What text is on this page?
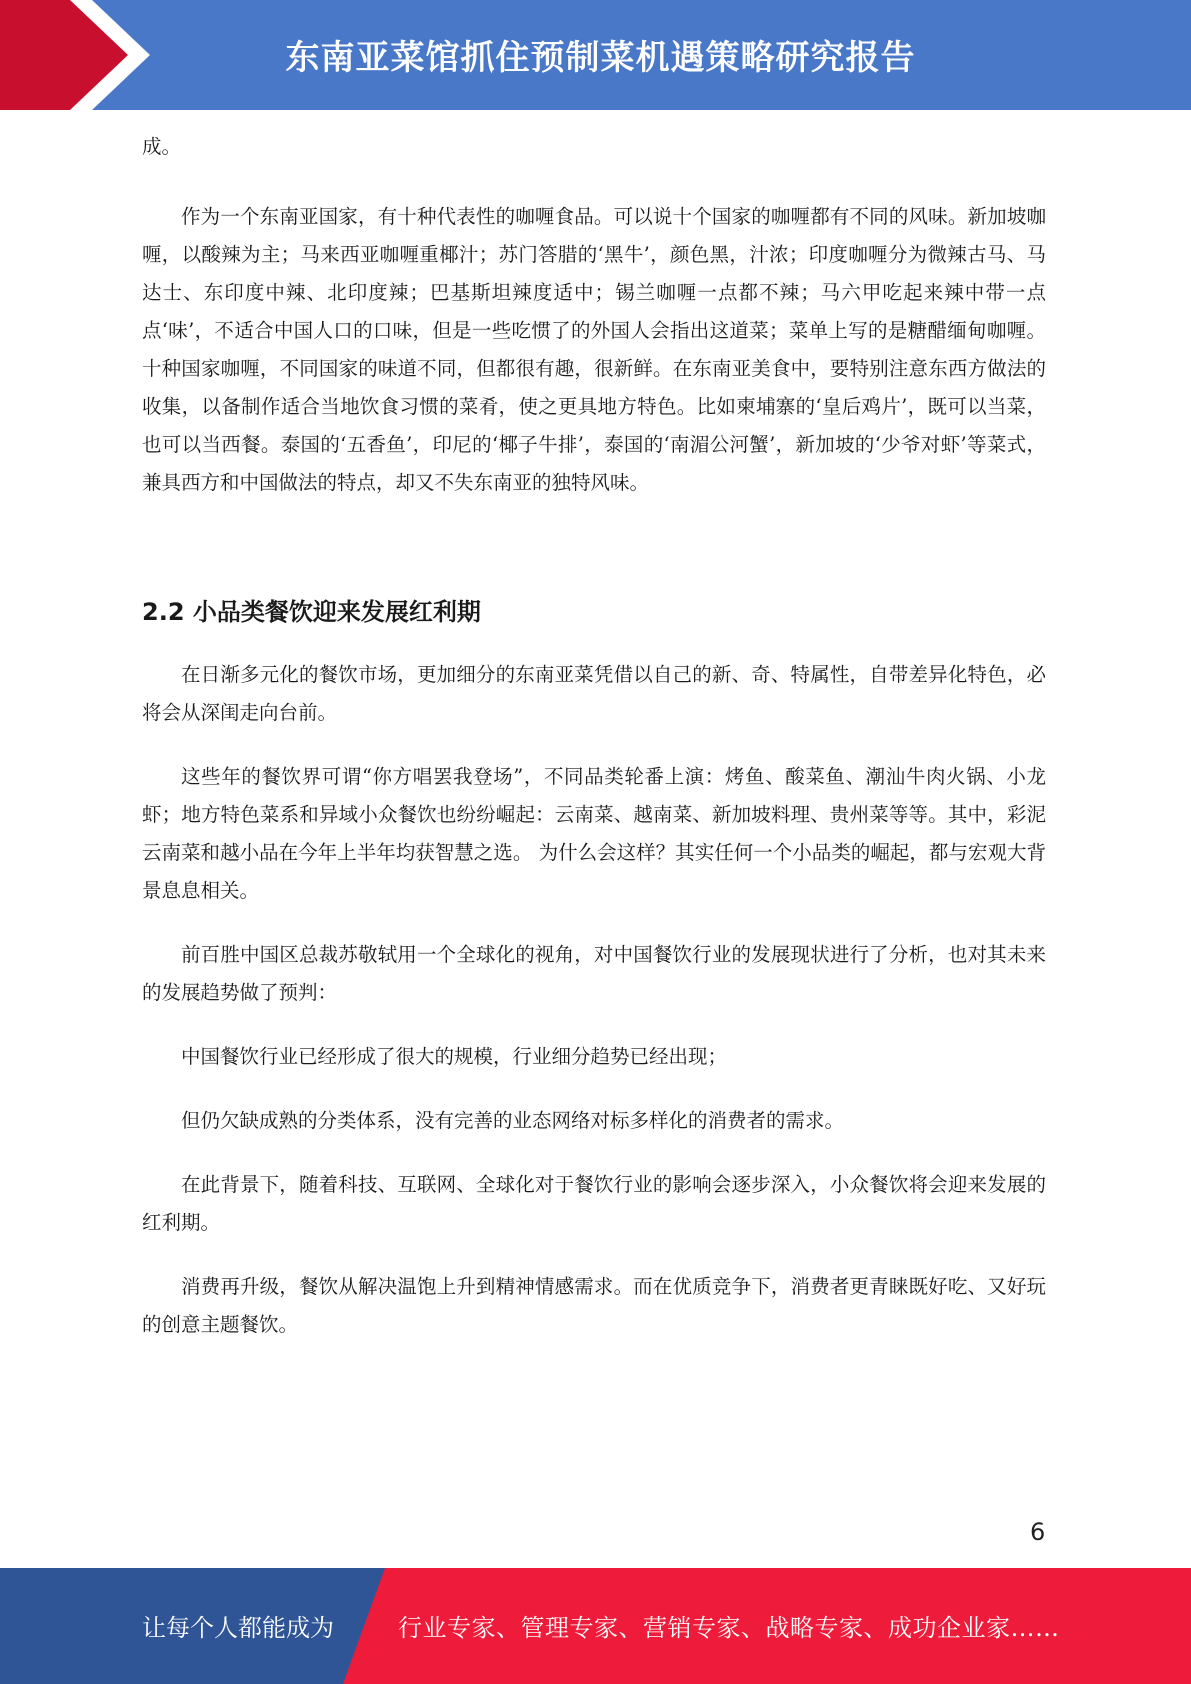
东南亚菜馆抓住预制菜机遇策略研究报告

成。

作为一个东南亚国家，有十种代表性的咖喱食品。可以说十个国家的咖喱都有不同的风味。新加坡咖喱，以酸辣为主；马来西亚咖喱重椰汁；苏门答腊的‘黑牛’，颜色黑，汁浓；印度咖喱分为微辣古马、马达士、东印度中辣、北印度辣；巴基斯坦辣度适中；锡兰咖喱一点都不辣；马六甲吃起来辣中带一点点‘味’，不适合中国人口的口味，但是一些吃惯了的外国人会指出这道菜；菜单上写的是糖醋缅甸咖喱。十种国家咖喱，不同国家的味道不同，但都很有趣，很新鲜。在东南亚美食中，要特别注意东西方做法的收集，以备制作适合当地饮食习惯的菜肴，使之更具地方特色。比如柬埔寨的‘皇后鸡片’，既可以当菜，也可以当西餐。泰国的‘五香鱼’，印尼的‘椰子牛排’，泰国的‘南湄公河蟹’，新加坡的‘少爷对虾’等菜式，兼具西方和中国做法的特点，却又不失东南亚的独特风味。

2.2 小品类餐饮迎来发展红利期

在日渐多元化的餐饮市场，更加细分的东南亚菜凭借以自己的新、奇、特属性，自带差异化特色，必将会从深闺走向台前。

这些年的餐饮界可谓“你方唱罢我登场”，不同品类轮番上演：烤鱼、酸菜鱼、潮汕牛肉火锅、小龙虾；地方特色菜系和异域小众餐饮也纷纷崛起：云南菜、越南菜、新加坡料理、贵州菜等等。其中，彩泥云南菜和越小品在今年上半年均获智慧之选。 为什么会这样？其实任何一个小品类的崛起，都与宏观大背景息息相关。

前百胜中国区总裁苏敬轼用一个全球化的视角，对中国餐饮行业的发展现状进行了分析，也对其未来的发展趋势做了预判：

中国餐饮行业已经形成了很大的规模，行业细分趋势已经出现；

但仍欠缺成熟的分类体系，没有完善的业态网络对标多样化的消费者的需求。

在此背景下，随着科技、互联网、全球化对于餐饮行业的影响会逐步深入，小众餐饮将会迎来发展的红利期。

消费再升级，餐饮从解决温饱上升到精神情感需求。而在优质竞争下，消费者更青睐既好吃、又好玩的创意主题餐饮。

6
让每个人都能成为	行业专家、管理专家、营销专家、战略专家、成功企业家……
